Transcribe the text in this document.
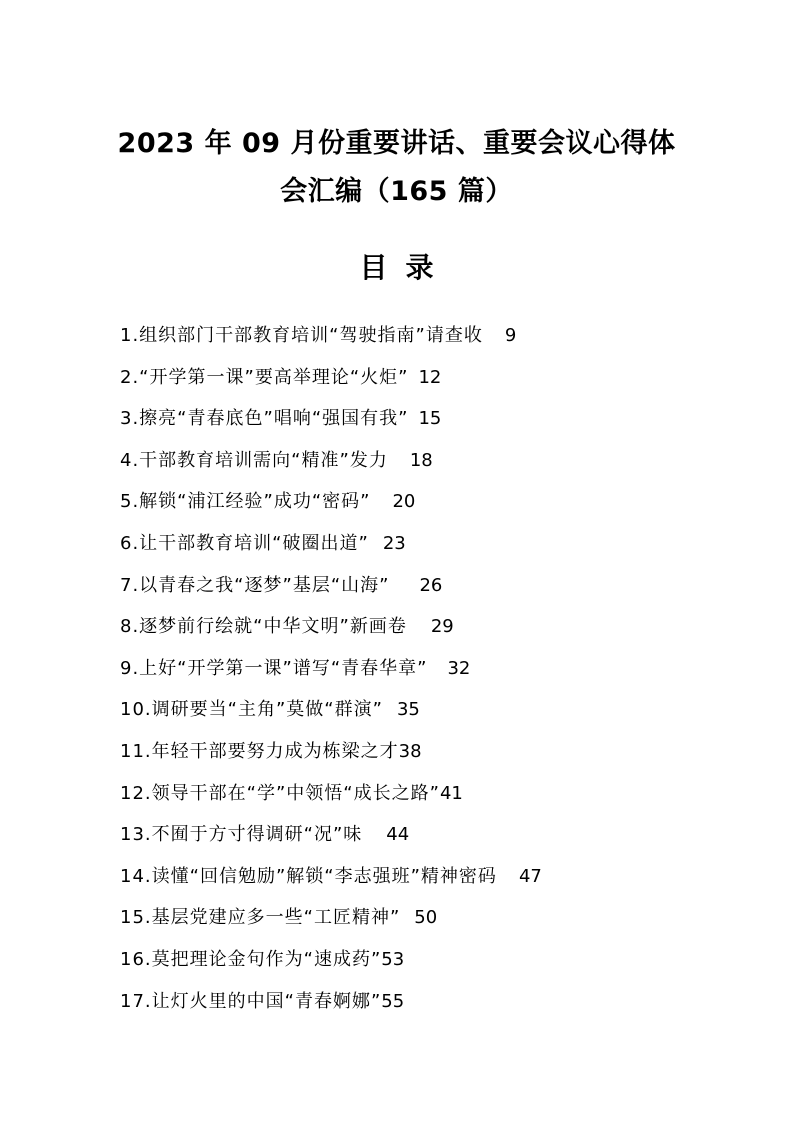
2023 年 09 月份重要讲话、重要会议心得体
会汇编（165 篇）
目录
1.组织部门干部教育培训“驾驶指南”请查收 9
2.“开学第一课”要高举理论“火炬” 12
3.擦亮“青春底色”唱响“强国有我” 15
4.干部教育培训需向“精准”发力 18
5.解锁“浦江经验”成功“密码” 20
6.让干部教育培训“破圈出道” 23
7.以青春之我“逐梦”基层“山海” 26
8.逐梦前行绘就“中华文明”新画卷 29
9.上好“开学第一课”谱写“青春华章” 32
10.调研要当“主角”莫做“群演” 35
11.年轻干部要努力成为栋梁之才38
12.领导干部在“学”中领悟“成长之路”41
13.不囿于方寸得调研“况”味 44
14.读懂“回信勉励”解锁“李志强班”精神密码 47
15.基层党建应多一些“工匠精神” 50
16.莫把理论金句作为“速成药”53
17.让灯火里的中国“青春婀娜”55
